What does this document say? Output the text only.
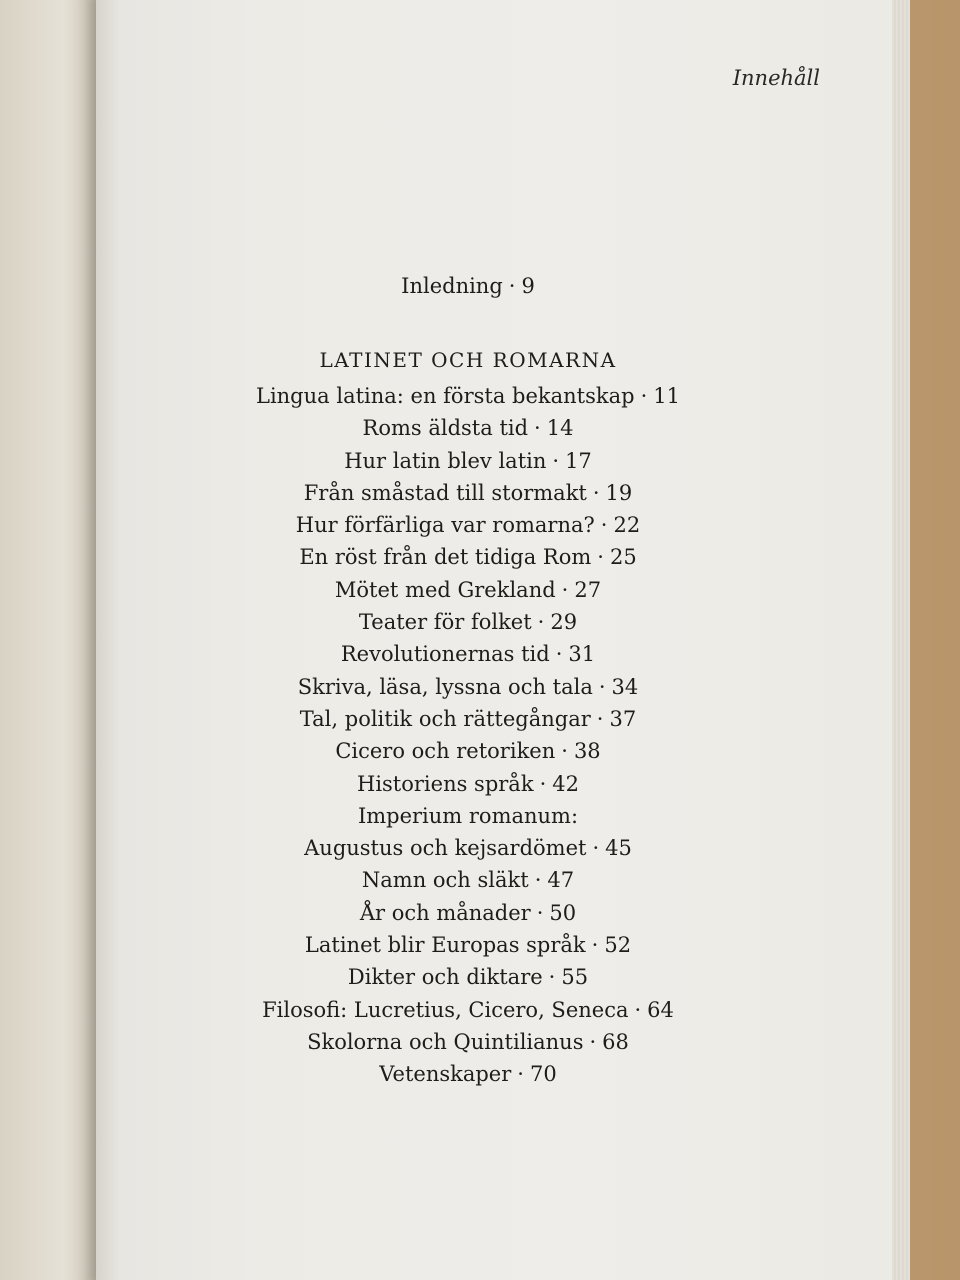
Innehåll
Inledning · 9
LATINET OCH ROMARNA
Lingua latina: en första bekantskap · 11
Roms äldsta tid · 14
Hur latin blev latin · 17
Från småstad till stormakt · 19
Hur förfärliga var romarna? · 22
En röst från det tidiga Rom · 25
Mötet med Grekland · 27
Teater för folket · 29
Revolutionernas tid · 31
Skriva, läsa, lyssna och tala · 34
Tal, politik och rättegångar · 37
Cicero och retoriken · 38
Historiens språk · 42
Imperium romanum:
Augustus och kejsardömet · 45
Namn och släkt · 47
År och månader · 50
Latinet blir Europas språk · 52
Dikter och diktare · 55
Filosofi: Lucretius, Cicero, Seneca · 64
Skolorna och Quintilianus · 68
Vetenskaper · 70
